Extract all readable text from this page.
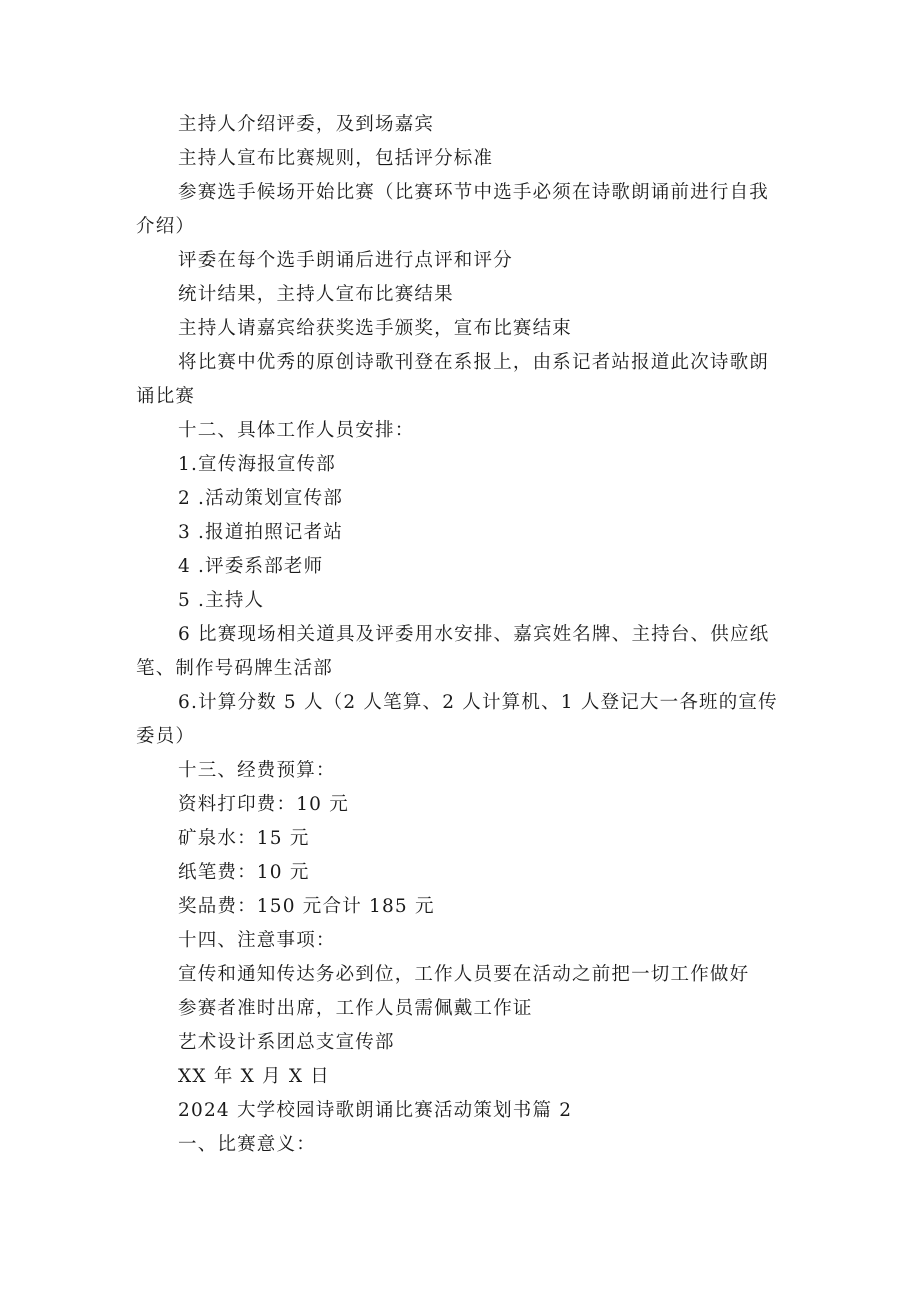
主持人介绍评委，及到场嘉宾

主持人宣布比赛规则，包括评分标准

参赛选手候场开始比赛（比赛环节中选手必须在诗歌朗诵前进行自我介绍）

评委在每个选手朗诵后进行点评和评分

统计结果，主持人宣布比赛结果

主持人请嘉宾给获奖选手颁奖，宣布比赛结束

将比赛中优秀的原创诗歌刊登在系报上，由系记者站报道此次诗歌朗诵比赛

十二、具体工作人员安排：

1.宣传海报宣传部

2 .活动策划宣传部

3 .报道拍照记者站

4 .评委系部老师

5 .主持人

6 比赛现场相关道具及评委用水安排、嘉宾姓名牌、主持台、供应纸笔、制作号码牌生活部

6.计算分数 5 人（2 人笔算、2 人计算机、1 人登记大一各班的宣传委员）

十三、经费预算：

资料打印费：10 元

矿泉水：15 元

纸笔费：10 元

奖品费：150 元合计 185 元

十四、注意事项：

宣传和通知传达务必到位，工作人员要在活动之前把一切工作做好

参赛者准时出席，工作人员需佩戴工作证

艺术设计系团总支宣传部

XX 年 X 月 X 日

2024 大学校园诗歌朗诵比赛活动策划书篇 2

一、比赛意义：
